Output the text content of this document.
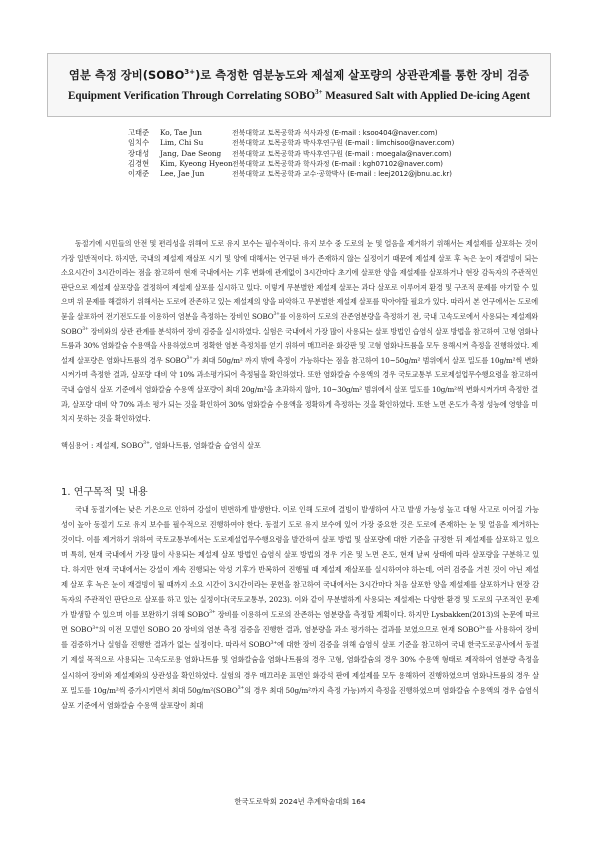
염분 측정 장비$(SOBO^{3+})$로 측정한 염분농도와 제설제 살포량의 상관관계를 통한 장비 검증
Equipment Verification Through Correlating $SOBO^{3+}$ Measured Salt with Applied De-icing Agent
고태준 Ko, Tae Jun	전북대학교 토목공학과 석사과정 (E-mail : ksoo404@naver.com)
임치수 Lim, Chi Su	전북대학교 토목공학과 박사후연구원 (E-mail : limchisoo@naver.com)
장대성 Jang, Dae Seong 전북대학교 토목공학과 박사후연구원 (E-mail : moegala@naver.com)
김경현 Kim, Kyeong Hyeon 전북대학교 토목공학과 학사과정 (E-mail : kgh07102@naver.com)
이재준 Lee, Jae Jun	전북대학교 토목공학과 교수·공학박사 (E-mail : leej2012@jbnu.ac.kr)

동절기에 시민들의 안전 및 편리성을 위해여 도로 유지 보수는 필수적이다. 유지 보수 중 도로의 눈 및 얼음을 제거하기 위해서는 제설제를 살포하는 것이 가장 일반적이다. 하지만, 국내의 제설제 재살포 시기 및 양에 대해서는 연구된 바가 존재하지 않는 실정이기 때문에 제설제 살포 후 녹은 눈이 재결빙이 되는 소요시간이 3시간이라는 점을 참고하여 현재 국내에서는 기후 변화에 관계없이 3시간마다 초기에 살포한 양을 제설제를 살포하거나 현장 감독자의 주관적인 판단으로 제설제 살포량을 결정하여 제설제 살포를 실시하고 있다. 이렇게 무분별한 제설제 살포는 과다 살포로 이루어져 환경 및 구조적 문제를 야기할 수 있으며 위 문제를 해결하기 위해서는 도로에 잔존하고 있는 제설제의 양을 파악하고 무분별한 제설제 살포를 막아야할 필요가 있다. 따라서 본 연구에서는 도로에 묻을 살포하여 전기전도도를 이용하여 염분을 측정하는 장비인 $SOBO^{3+}$를 이용하여 도로의 잔존염분량을 측정하기 전, 국내 고속도로에서 사용되는 제설제와 $SOBO^{3+}$ 장비와의 상관 관계를 분석하여 장비 검증을 실시하였다. 실험은 국내에서 가장 많이 사용되는 살포 방법인 습염식 살포 방법을 참고하여 고형 염화나트륨과 30% 염화칼슘 수용액을 사용하였으며 정확한 염분 측정치를 얻기 위하여 매끄러운 화강판 및 고형 염화나트륨을 모두 용해시켜 측정을 진행하였다. 제설제 살포량은 염화나트륨의 경우 $SOBO^{3+}$가 최대 50g/m² 까지 밖에 측정이 가능하다는 점을 참고하여 10~50g/m² 범위에서 살포 밀도를 10g/m²씩 변화시켜가며 측정한 결과, 살포량 대비 약 10% 과소평가되어 측정됨을 확인하였다. 또한 염화칼슘 수용액의 경우 국토교통부 도로제설업무수행요령을 참고하여 국내 습염식 살포 기준에서 염화칼슘 수용액 살포량이 최대 20g/m²을 초과하지 않아, 10~30g/m² 범위에서 살포 밀도를 10g/m²씩 변화시켜가며 측정한 결과, 살포량 대비 약 70% 과소 평가 되는 것을 확인하여 30% 염화칼슘 수용액을 정확하게 측정하는 것을 확인하였다. 또한 노면 온도가 측정 성능에 영향을 미치지 못하는 것을 확인하였다.

핵심용어 : 제설제, $SOBO^{3+}$, 염화나트륨, 염화칼슘 습염식 살포
1. 연구목적 및 내용

국내 동절기에는 낮은 기온으로 인하여 강설이 빈번하게 발생한다. 이로 인해 도로에 결빙이 발생하여 사고 발생 가능성 높고 대형 사고로 이어질 가능성이 높아 동절기 도로 유지 보수를 필수적으로 진행하여야 한다. 동절기 도로 유지 보수에 있어 가장 중요한 것은 도로에 존재하는 눈 및 얼음을 제거하는 것이다. 이를 제거하기 위하여 국토교통부에서는 도로제설업무수행요령을 발간하여 살포 방법 및 살포량에 대한 기준을 규정한 뒤 제설제를 살포하고 있으며 특히, 현재 국내에서 가장 많이 사용되는 제설제 살포 방법인 습염식 살포 방법의 경우 기온 및 노면 온도, 현재 날씨 상태에 따라 살포량을 구분하고 있다. 하지만 현재 국내에서는 강설이 계속 진행되는 악성 기후가 반복하여 진행될 때 제설제 재살포를 실시하여야 하는데, 여러 검증을 거친 것이 아닌 제설제 살포 후 녹은 눈이 재결빙이 될 때까지 소요 시간이 3시간이라는 문헌을 참고하여 국내에서는 3시간마다 처음 살포한 양을 제설제를 살포하거나 현장 감독자의 주관적인 판단으로 살포를 하고 있는 실정이다(국토교통부, 2023). 이와 같이 무분별하게 사용되는 제설제는 다양한 환경 및 도로의 구조적인 문제가 발생할 수 있으며 이를 보완하기 위해 $SOBO^{3+}$ 장비를 이용하여 도로의 잔존하는 염분량을 측정할 계획이다. 하지만 Lysbakken(2013)의 논문에 따르면 $SOBO^{3+}$의 이전 모델인 SOBO 20 장비의 염분 측정 검증을 진행한 결과, 염분량을 과소 평가하는 결과를 보였으므로 현재 $SOBO^{3+}$를 사용하여 장비를 검증하거나 실험을 진행한 결과가 없는 실정이다. 따라서 $SOBO^{3+}$에 대한 장비 검증을 위해 습염식 살포 기준을 참고하여 국내 한국도로공사에서 동절기 제설 목적으로 사용되는 고속도로용 염화나트륨 및 염화칼슘을 염화나트륨의 경우 고형, 염화칼슘의 경우 30% 수용액 형태로 제작하여 염분량 측정을 실시하여 장비와 제설제와의 상관성을 확인하였다. 실험의 경우 매끄러운 표면인 화강석 판에 제설제를 모두 용해하여 진행하였으며 염화나트륨의 경우 살포 밀도를 10g/m²씩 증가시키면서 최대 $50g/m^2(SOBO^{3+}$의 경우 최대 50g/m²까지 측정 가능)까지 측정을 진행하였으며 염화칼슘 수용액의 경우 습염식 살포 기준에서 염화칼슘 수용액 살포량이 최대

한국도로학회 2024년 추계학술대회 164
